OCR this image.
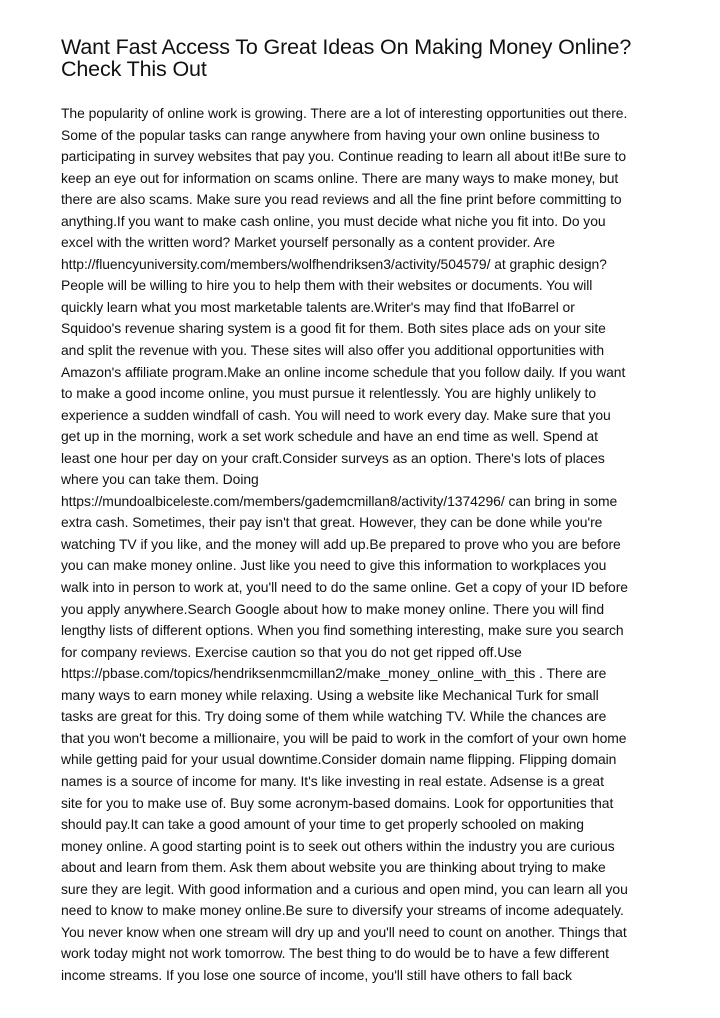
Want Fast Access To Great Ideas On Making Money Online?
Check This Out
The popularity of online work is growing. There are a lot of interesting opportunities out there.
Some of the popular tasks can range anywhere from having your own online business to
participating in survey websites that pay you. Continue reading to learn all about it!Be sure to
keep an eye out for information on scams online. There are many ways to make money, but
there are also scams. Make sure you read reviews and all the fine print before committing to
anything.If you want to make cash online, you must decide what niche you fit into. Do you
excel with the written word? Market yourself personally as a content provider. Are
http://fluencyuniversity.com/members/wolfhendriksen3/activity/504579/ at graphic design?
People will be willing to hire you to help them with their websites or documents. You will
quickly learn what you most marketable talents are.Writer's may find that IfoBarrel or
Squidoo's revenue sharing system is a good fit for them. Both sites place ads on your site
and split the revenue with you. These sites will also offer you additional opportunities with
Amazon's affiliate program.Make an online income schedule that you follow daily. If you want
to make a good income online, you must pursue it relentlessly. You are highly unlikely to
experience a sudden windfall of cash. You will need to work every day. Make sure that you
get up in the morning, work a set work schedule and have an end time as well. Spend at
least one hour per day on your craft.Consider surveys as an option. There's lots of places
where you can take them. Doing
https://mundoalbiceleste.com/members/gademcmillan8/activity/1374296/ can bring in some
extra cash. Sometimes, their pay isn't that great. However, they can be done while you're
watching TV if you like, and the money will add up.Be prepared to prove who you are before
you can make money online. Just like you need to give this information to workplaces you
walk into in person to work at, you'll need to do the same online. Get a copy of your ID before
you apply anywhere.Search Google about how to make money online. There you will find
lengthy lists of different options. When you find something interesting, make sure you search
for company reviews. Exercise caution so that you do not get ripped off.Use
https://pbase.com/topics/hendriksenmcmillan2/make_money_online_with_this . There are
many ways to earn money while relaxing. Using a website like Mechanical Turk for small
tasks are great for this. Try doing some of them while watching TV. While the chances are
that you won't become a millionaire, you will be paid to work in the comfort of your own home
while getting paid for your usual downtime.Consider domain name flipping. Flipping domain
names is a source of income for many. It's like investing in real estate. Adsense is a great
site for you to make use of. Buy some acronym-based domains. Look for opportunities that
should pay.It can take a good amount of your time to get properly schooled on making
money online. A good starting point is to seek out others within the industry you are curious
about and learn from them. Ask them about website you are thinking about trying to make
sure they are legit. With good information and a curious and open mind, you can learn all you
need to know to make money online.Be sure to diversify your streams of income adequately.
You never know when one stream will dry up and you'll need to count on another. Things that
work today might not work tomorrow. The best thing to do would be to have a few different
income streams. If you lose one source of income, you'll still have others to fall back
